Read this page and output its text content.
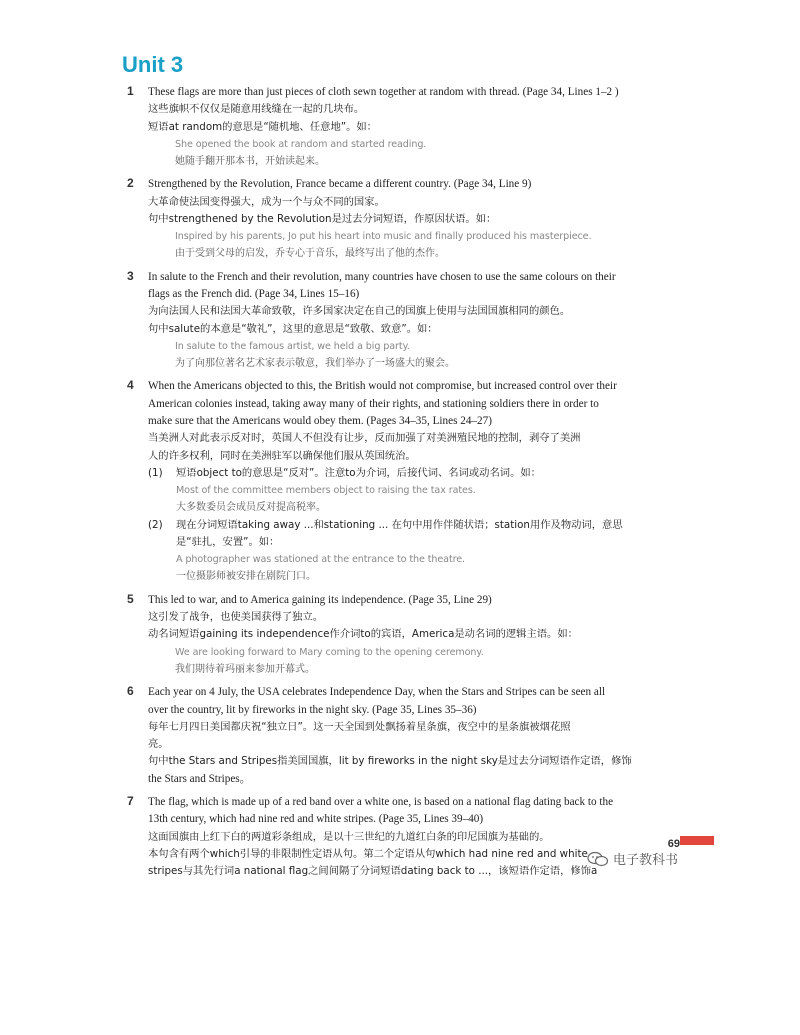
Unit 3
1 These flags are more than just pieces of cloth sewn together at random with thread. (Page 34, Lines 1–2 )

这些旗帜不仅仅是随意用线缝在一起的几块布。

短语at random的意思是“随机地、任意地”。如：

She opened the book at random and started reading.

她随手翻开那本书，开始读起来。

2 Strengthened by the Revolution, France became a different country. (Page 34, Line 9)

大革命使法国变得强大，成为一个与众不同的国家。

句中strengthened by the Revolution是过去分词短语，作原因状语。如：

Inspired by his parents, Jo put his heart into music and finally produced his masterpiece.

由于受到父母的启发，乔专心于音乐，最终写出了他的杰作。

3 In salute to the French and their revolution, many countries have chosen to use the same colours on their

flags as the French did. (Page 34, Lines 15–16)

为向法国人民和法国大革命致敬，许多国家决定在自己的国旗上使用与法国国旗相同的颜色。

句中salute的本意是“敬礼”，这里的意思是“致敬、致意”。如：

In salute to the famous artist, we held a big party.

为了向那位著名艺术家表示敬意，我们举办了一场盛大的聚会。

4 When the Americans objected to this, the British would not compromise, but increased control over their

American colonies instead, taking away many of their rights, and stationing soldiers there in order to

make sure that the Americans would obey them. (Pages 34–35, Lines 24–27)

当美洲人对此表示反对时，英国人不但没有让步，反而加强了对美洲殖民地的控制，剥夺了美洲

人的许多权利，同时在美洲驻军以确保他们服从英国统治。

(1) 短语object to的意思是“反对”。注意to为介词，后接代词、名词或动名词。如：

Most of the committee members object to raising the tax rates.

大多数委员会成员反对提高税率。

(2) 现在分词短语taking away ...和stationing ... 在句中用作伴随状语；station用作及物动词，意思

是“驻扎，安置”。如：

A photographer was stationed at the entrance to the theatre.

一位摄影师被安排在剧院门口。

5 This led to war, and to America gaining its independence. (Page 35, Line 29)

这引发了战争，也使美国获得了独立。

动名词短语gaining its independence作介词to的宾语，America是动名词的逻辑主语。如：

We are looking forward to Mary coming to the opening ceremony.

我们期待着玛丽来参加开幕式。

6 Each year on 4 July, the USA celebrates Independence Day, when the Stars and Stripes can be seen all

over the country, lit by fireworks in the night sky. (Page 35, Lines 35–36)

每年七月四日美国都庆祝“独立日”。这一天全国到处飘扬着星条旗，夜空中的星条旗被烟花照

亮。

句中the Stars and Stripes指美国国旗，lit by fireworks in the night sky是过去分词短语作定语，修饰

the Stars and Stripes。

7 The flag, which is made up of a red band over a white one, is based on a national flag dating back to the

13th century, which had nine red and white stripes. (Page 35, Lines 39–40)

这面国旗由上红下白的两道彩条组成，是以十三世纪的九道红白条的印尼国旗为基础的。

本句含有两个which引导的非限制性定语从句。第二个定语从句which had nine red and white

stripes与其先行词a national flag之间间隔了分词短语dating back to ...，该短语作定语，修饰a

69
电子教科书
